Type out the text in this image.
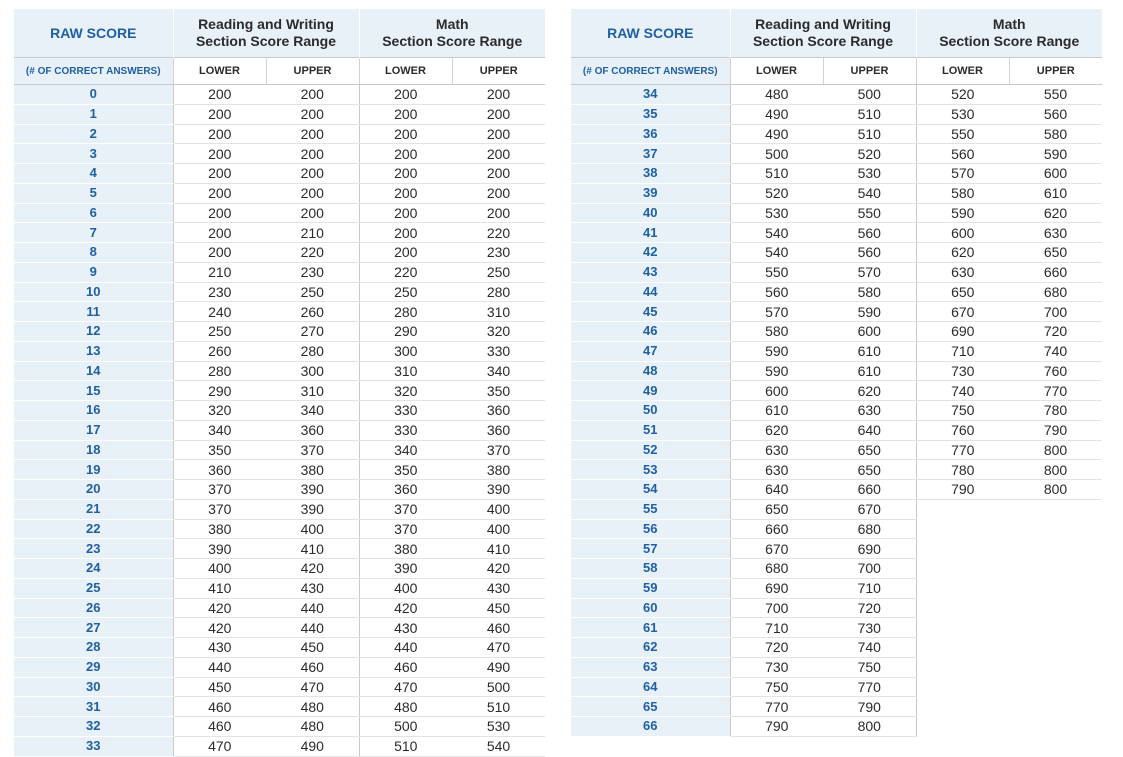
RAW SCORE	Reading and Writing
Section Score Range		Math
Section Score Range	
(# OF CORRECT ANSWERS)	LOWER	UPPER	LOWER	UPPER
0	200	200	200	200
1	200	200	200	200
2	200	200	200	200
3	200	200	200	200
4	200	200	200	200
5	200	200	200	200
6	200	200	200	200
7	200	210	200	220
8	200	220	200	230
9	210	230	220	250
10	230	250	250	280
11	240	260	280	310
12	250	270	290	320
13	260	280	300	330
14	280	300	310	340
15	290	310	320	350
16	320	340	330	360
17	340	360	330	360
18	350	370	340	370
19	360	380	350	380
20	370	390	360	390
21	370	390	370	400
22	380	400	370	400
23	390	410	380	410
24	400	420	390	420
25	410	430	400	430
26	420	440	420	450
27	420	440	430	460
28	430	450	440	470
29	440	460	460	490
30	450	470	470	500
31	460	480	480	510
32	460	480	500	530
33	470	490	510	540
RAW SCORE	Reading and Writing
Section Score Range		Math
Section Score Range	
(# OF CORRECT ANSWERS)	LOWER	UPPER	LOWER	UPPER
34	480	500	520	550
35	490	510	530	560
36	490	510	550	580
37	500	520	560	590
38	510	530	570	600
39	520	540	580	610
40	530	550	590	620
41	540	560	600	630
42	540	560	620	650
43	550	570	630	660
44	560	580	650	680
45	570	590	670	700
46	580	600	690	720
47	590	610	710	740
48	590	610	730	760
49	600	620	740	770
50	610	630	750	780
51	620	640	760	790
52	630	650	770	800
53	630	650	780	800
54	640	660	790	800
55	650	670		
56	660	680		
57	670	690		
58	680	700		
59	690	710		
60	700	720		
61	710	730		
62	720	740		
63	730	750		
64	750	770		
65	770	790		
66	790	800		
